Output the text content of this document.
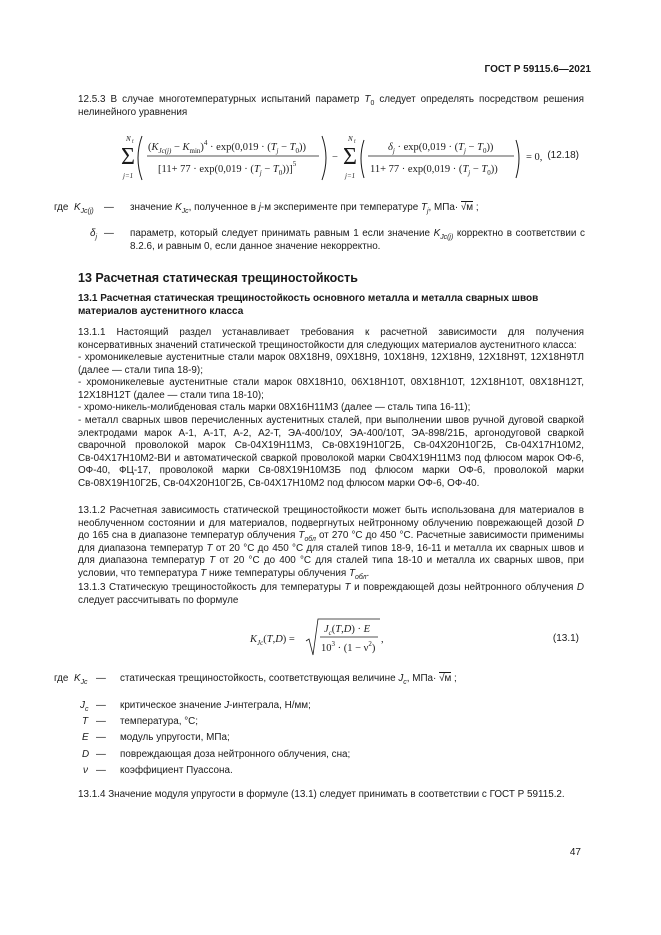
ГОСТ Р 59115.6—2021
12.5.3 В случае многотемпературных испытаний параметр $T_0$ следует определять посредством решения нелинейного уравнения
N f
Σ
j=1
$(K_{Jc(j)} - K_{min})^4 \cdot \exp(0,019 \cdot (T_j - T_0))$
$[11+ 77 \cdot \exp(0,019 \cdot (T_j - T_0))]^5$
−
N f
Σ
j=1
$\delta_j \cdot \exp(0,019 \cdot (T_j - T_0))$
$11+ 77 \cdot \exp(0,019 \cdot (T_j - T_0))$
= 0, (12.18)
где $K_{Jc(j)}$ — значение $K_{Jc}$, полученное в j-м эксперименте при температуре $T_j$, МПа· √м ;
$\delta_j$ — параметр, который следует принимать равным 1 если значение $K_{Jc(j)}$ корректно в соответствии с 8.2.6, и равным 0, если данное значение некорректно.
13 Расчетная статическая трещиностойкость
13.1 Расчетная статическая трещиностойкость основного металла и металла сварных швов материалов аустенитного класса
13.1.1 Настоящий раздел устанавливает требования к расчетной зависимости для получения консервативных значений статической трещиностойкости для следующих материалов аустенитного класса:
- хромоникелевые аустенитные стали марок 08Х18Н9, 09Х18Н9, 10Х18Н9, 12Х18Н9, 12Х18Н9Т, 12Х18Н9ТЛ (далее — стали типа 18-9);
- хромоникелевые аустенитные стали марок 08Х18Н10, 06Х18Н10Т, 08Х18Н10Т, 12Х18Н10Т, 08Х18Н12Т, 12Х18Н12Т (далее — стали типа 18-10);
- хромо-никель-молибденовая сталь марки 08Х16Н11М3 (далее — сталь типа 16-11);
- металл сварных швов перечисленных аустенитных сталей, при выполнении швов ручной дуговой сваркой электродами марок А-1, А-1Т, А-2, А2-Т, ЭА-400/10У, ЭА-400/10Т, ЭА-898/21Б, аргонодуговой сваркой сварочной проволокой марок Св-04Х19Н11М3, Св-08Х19Н10Г2Б, Св-04Х20Н10Г2Б, Св-04Х17Н10М2, Св-04Х17Н10М2-ВИ и автоматической сваркой проволокой марки Св04Х19Н11М3 под флюсом марок ОФ-6, ОФ-40, ФЦ-17, проволокой марки Св-08Х19Н10М3Б под флюсом марки ОФ-6, проволокой марки Св-08Х19Н10Г2Б, Св-04Х20Н10Г2Б, Св-04Х17Н10М2 под флюсом марки ОФ-6, ОФ-40.
13.1.2 Расчетная зависимость статической трещиностойкости может быть использована для материалов в необлученном состоянии и для материалов, подвергнутых нейтронному облучению поврежающей дозой D до 165 сна в диапазоне температур облучения $T_{обл}$ от 270 °С до 450 °С. Расчетные зависимости применимы для диапазона температур T от 20 °С до 450 °С для сталей типов 18-9, 16-11 и металла их сварных швов и для диапазона температур T от 20 °С до 400 °С для сталей типа 18-10 и металла их сварных швов, при условии, что температура T ниже температуры облучения $T_{обл}$.
13.1.3 Статическую трещиностойкость для температуры T и повреждающей дозы нейтронного облучения D следует рассчитывать по формуле
$K_{Jc}(T,D)$ =
$J_c(T,D) \cdot E$
$10^3 \cdot (1 - \nu^2)$
,	(13.1)
где $K_{Jc}$ — статическая трещиностойкость, соответствующая величине $J_c$, МПа· √м ;
$J_c$ — критическое значение J-интеграла, Н/мм;
T — температура, °С;
E — модуль упругости, МПа;
D — повреждающая доза нейтронного облучения, сна;
ν — коэффициент Пуассона.
13.1.4 Значение модуля упругости в формуле (13.1) следует принимать в соответствии с ГОСТ Р 59115.2.
47
